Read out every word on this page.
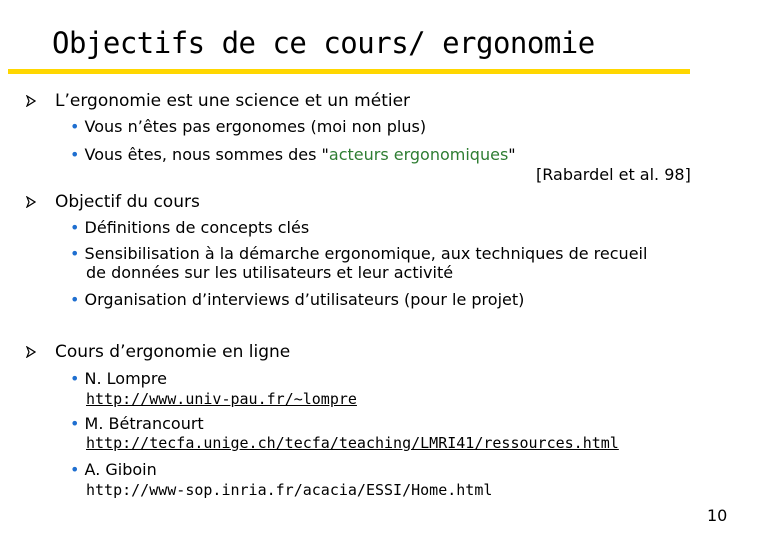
Objectifs de ce cours/ ergonomie
L’ergonomie est une science et un métier
• Vous n’êtes pas ergonomes (moi non plus)
• Vous êtes, nous sommes des "acteurs ergonomiques"
[Rabardel et al. 98]
Objectif du cours
• Définitions de concepts clés
• Sensibilisation à la démarche ergonomique, aux techniques de recueil
de données sur les utilisateurs et leur activité
• Organisation d’interviews d’utilisateurs (pour le projet)
Cours d’ergonomie en ligne
• N. Lompre
http://www.univ-pau.fr/~lompre
• M. Bétrancourt
http://tecfa.unige.ch/tecfa/teaching/LMRI41/ressources.html
• A. Giboin
http://www-sop.inria.fr/acacia/ESSI/Home.html
10
